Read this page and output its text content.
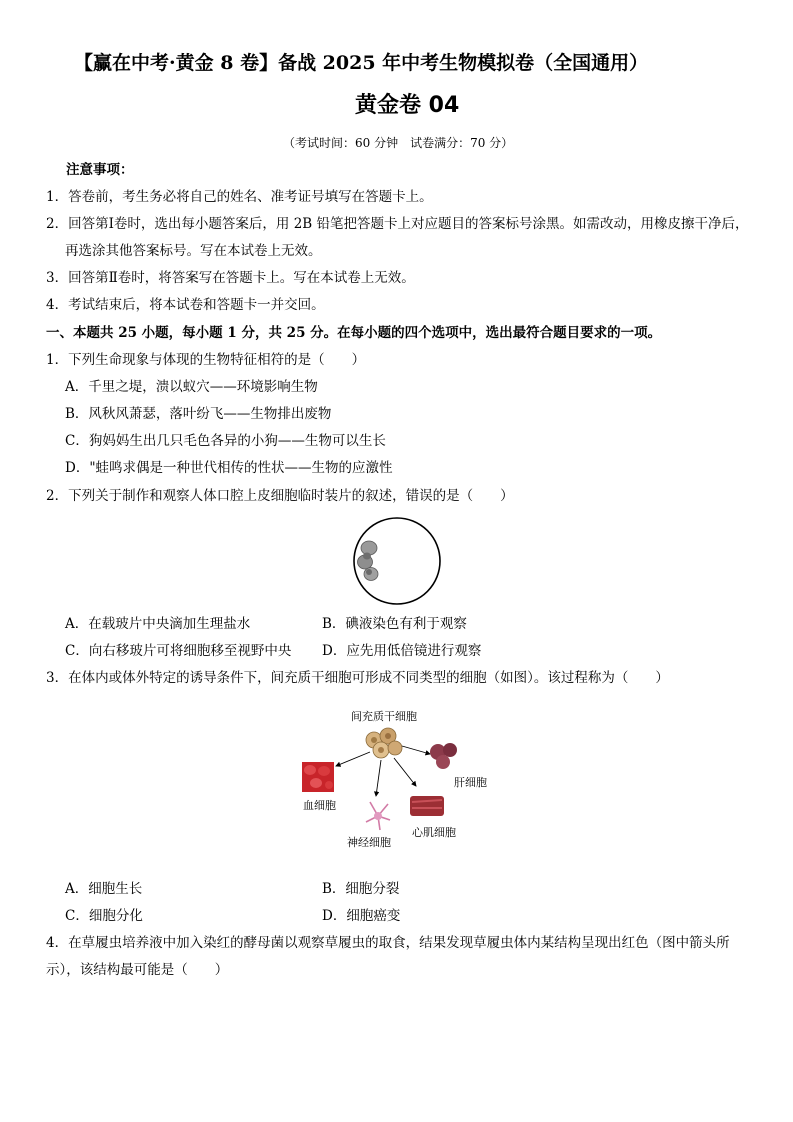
【赢在中考·黄金 8 卷】备战 2025 年中考生物模拟卷（全国通用）
黄金卷 04
（考试时间：60 分钟　试卷满分：70 分）
注意事项：
1．答卷前，考生务必将自己的姓名、准考证号填写在答题卡上。
2．回答第Ⅰ卷时，选出每小题答案后，用 2B 铅笔把答题卡上对应题目的答案标号涂黑。如需改动，用橡皮擦干净后，
再选涂其他答案标号。写在本试卷上无效。
3．回答第Ⅱ卷时，将答案写在答题卡上。写在本试卷上无效。
4．考试结束后，将本试卷和答题卡一并交回。
一、本题共 25 小题，每小题 1 分，共 25 分。在每小题的四个选项中，选出最符合题目要求的一项。
1．下列生命现象与体现的生物特征相符的是（　　）
A．千里之堤，溃以蚁穴——环境影响生物
B．风秋风萧瑟，落叶纷飞——生物排出废物
C．狗妈妈生出几只毛色各异的小狗——生物可以生长
D．"蛙鸣求偶是一种世代相传的性状——生物的应激性
2．下列关于制作和观察人体口腔上皮细胞临时装片的叙述，错误的是（　　）
A．在载玻片中央滴加生理盐水	B．碘液染色有利于观察
C．向右移玻片可将细胞移至视野中央 D．应先用低倍镜进行观察
3．在体内或体外特定的诱导条件下，间充质干细胞可形成不同类型的细胞（如图）。该过程称为（　　）
间充质干细胞
肝细胞
血细胞
神经细胞
心肌细胞
A．细胞生长	B．细胞分裂
C．细胞分化	D．细胞癌变
4．在草履虫培养液中加入染红的酵母菌以观察草履虫的取食，结果发现草履虫体内某结构呈现出红色（图中箭头所
示），该结构最可能是（　　）
